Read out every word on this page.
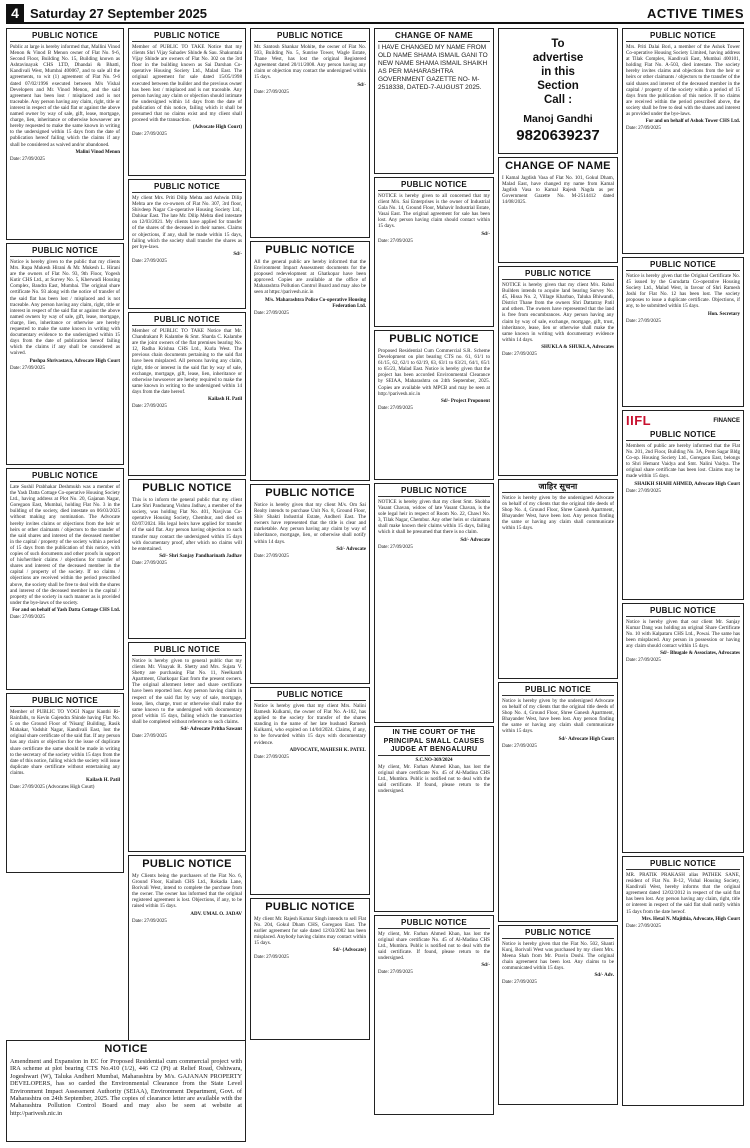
4 Saturday 27 September 2025	ACTIVE TIMES
PUBLIC NOTICE
Public at large is hereby informed that, Mallini Vinod Menon & Vinod B Menon owner of Flat No. 9-6, Second Floor, Building No. 15, Building known as Ashtavinayak CHS LTD, Dhandai & Bhatti, Kandivali West, Mumbai 400067, and to sale all the agreements, to wit (1) agreement of Flat No. 9-6 dated 07/02/1996 executed between M/s Vishal Developers and Mr. Vinod Menon, and the said agreement has been lost / misplaced and is not traceable. Any person having any claim, right, title or interest in respect of the said flat or against the above named owner by way of sale, gift, lease, mortgage, charge, lien, inheritance or otherwise howsoever are hereby requested to make the same known in writing to the undersigned within 15 days from the date of publication hereof failing which the claims if any shall be considered as waived and/or abandoned.
Malini Vinod Menon
Date: 27/09/2025
PUBLIC NOTICE
Notice is hereby given to the public that my clients Mrs. Rupa Mukesh Hirani & Mr. Mukesh L. Hirani are the owners of Flat No. 93, 9th Floor, Yogesh Kutir CHS Ltd., at Survey No. 5, Kherwadi Housing Complex, Bandra East, Mumbai. The original share certificate No. 93 along with the notice of transfer of the said flat has been lost / misplaced and is not traceable. Any person having any claim, right, title or interest in respect of the said flat or against the above named owners by way of sale, gift, lease, mortgage, charge, lien, inheritance or otherwise are hereby requested to make the same known in writing with documentary evidence to the undersigned within 15 days from the date of publication hereof failing which the claims if any shall be considered as waived.
Pushpa Shrivastava, Advocate High Court
Date: 27/09/2025
PUBLIC NOTICE
Late Sushil Prabhakar Deshmukh was a member of the Yash Datta Cottage Co-operative Housing Society Ltd., having address at Plot No. 20, Gajanan Nagar, Goregaon East, Mumbai, holding Flat No. 3 in the building of the society, died intestate on 06/03/2025 without making any nomination. The Advocate hereby invites claims or objections from the heir or heirs or other claimants / objectors to the transfer of the said shares and interest of the deceased member in the capital / property of the society within a period of 15 days from the publication of this notice, with copies of such documents and other proofs in support of his/her/their claims / objections for transfer of shares and interest of the deceased member in the capital / property of the society. If no claims / objections are received within the period prescribed above, the society shall be free to deal with the shares and interest of the deceased member in the capital / property of the society in such manner as is provided under the bye-laws of the society.
For and on behalf of Yash Datta Cottage CHS Ltd.
Date: 27/09/2025
PUBLIC NOTICE
Member of PUBLIC TO YOGI Nagar Kanthi Ri-Rainfalls, to Kevin Gajendra Shinde having Flat No. 5 on the Ground Floor of 'Nisarg' Building, Rasik Mahakar, Vadshit Nagar, Kandivali East, lost the original share certificate of the said flat. If any person has any claim or objection for the issue of duplicate share certificate the same should be made in writing to the secretary of the society within 15 days from the date of this notice, failing which the society will issue duplicate share certificate without entertaining any claims.
Kailash H. Patil
Date: 27/09/2025 (Advocates High Court)
PUBLIC NOTICE
Member of PUBLIC TO TAKE Notice that my clients Shri Vijay Sahadev Shinde & Sau. Shakuntala Vijay Shinde are owners of Flat No. 302 on the 3rd floor in the building known as Sai Darshan Co-operative Housing Society Ltd., Malad East. The original agreement for sale dated 15/05/1998 executed between the builder and the previous owner has been lost / misplaced and is not traceable. Any person having any claim or objection should intimate the undersigned within 14 days from the date of publication of this notice, failing which it shall be presumed that no claims exist and my client shall proceed with the transaction.
(Advocate High Court)
Date: 27/09/2025
PUBLIC NOTICE
My client Mrs. Priti Dilip Mehta and Ashwin Dilip Mehta are the co-owners of Flat No. 307, 3rd floor, Shivdeep Nagar Co-operative Housing Society Ltd., Dahisar East. The late Mr. Dilip Mehta died intestate on 12/03/2021. My clients have applied for transfer of the shares of the deceased in their names. Claims or objections, if any, shall be made within 15 days, failing which the society shall transfer the shares as per bye-laws.
Sd/-
Date: 27/09/2025
PUBLIC NOTICE
Member of PUBLIC TO TAKE Notice that Mr. Chandrakant P. Kalambe & Smt. Sharda C. Kalambe are the joint owners of the flat premises bearing No. 12, Radha Krishna CHS Ltd., Kurla West. The previous chain documents pertaining to the said flat have been misplaced. All persons having any claim, right, title or interest in the said flat by way of sale, exchange, mortgage, gift, lease, lien, inheritance or otherwise howsoever are hereby required to make the same known in writing to the undersigned within 14 days from the date hereof.
Kailash H. Patil
Date: 27/09/2025
PUBLIC NOTICE
This is to inform the general public that my client Late Shri Pandurang Vishnu Jadhav, a member of the society, was holding Flat No. 401, Navjivan Co-operative Housing Society, Chembur, and died on 02/07/2024. His legal heirs have applied for transfer of the said flat. Any person having objection to such transfer may contact the undersigned within 15 days with documentary proof, after which no claims will be entertained.
Sd/- Shri Sanjay Pandharinath Jadhav
Date: 27/09/2025
PUBLIC NOTICE
Notice is hereby given to general public that my clients Mr. Vinayak R. Shetty and Mrs. Sujata V. Shetty are purchasing Flat No. 11, Neelkanth Apartment, Ghatkopar East from the present owners. The original allotment letter and share certificate have been reported lost. Any person having claim in respect of the said flat by way of sale, mortgage, lease, lien, charge, trust or otherwise shall make the same known to the undersigned with documentary proof within 15 days, failing which the transaction shall be completed without reference to such claims.
Sd/- Advocate Pritha Sawant
Date: 27/09/2025
PUBLIC NOTICE
My Clients being the purchasers of the Flat No. 6, Ground Floor, Kailash CHS Ltd., Rokadia Lane, Borivali West, intend to complete the purchase from the owner. The owner has informed that the original registered agreement is lost. Objections, if any, to be raised within 15 days.
ADV. UMAL O. JADAV
Date: 27/09/2025
PUBLIC NOTICE
Mr. Santosh Shankar Mohite, the owner of Flat No. 503, Building No. 5, Sunrise Tower, Wagle Estate, Thane West, has lost the original Registered Agreement dated 20/11/2008. Any person having any claim or objection may contact the undersigned within 15 days.
Sd/-
Date: 27/09/2025
PUBLIC NOTICE
All the general public are hereby informed that the Environment Impact Assessment documents for the proposed redevelopment at Ghatkopar have been approved. Copies are available at the office of Maharashtra Pollution Control Board and may also be seen at https://parivesh.nic.in
M/s. Maharashtra Police Co-operative Housing Federation Ltd.
Date: 27/09/2025
PUBLIC NOTICE
Notice is hereby given that my client M/s. Om Sai Realty intends to purchase Unit No. 8, Ground Floor, Shiv Shakti Industrial Estate, Andheri East. The owners have represented that the title is clear and marketable. Any person having any claim by way of inheritance, mortgage, lien, or otherwise shall notify within 14 days.
Sd/- Advocate
Date: 27/09/2025
PUBLIC NOTICE
Notice is hereby given that my client Mrs. Nalini Ramesh Kulkarni, the owner of Flat No. A-102, has applied to the society for transfer of the shares standing in the name of her late husband Ramesh Kulkarni, who expired on 14/04/2024. Claims, if any, to be forwarded within 15 days with documentary evidence.
ADVOCATE, MAHESH K. PATEL
Date: 27/09/2025
PUBLIC NOTICE
My client Mr. Rajesh Kumar Singh intends to sell Flat No. 204, Gokul Dham CHS, Goregaon East. The earlier agreement for sale dated 12/03/2002 has been misplaced. Anybody having claims may contact within 15 days.
Sd/- (Advocate)
Date: 27/09/2025
CHANGE OF NAME
I HAVE CHANGED MY NAME FROM OLD NAME SHAMA ISMAIL GANI TO NEW NAME SHAMA ISMAIL SHAIKH AS PER MAHARASHTRA GOVERNMENT GAZETTE NO- M-2518338, DATED-7-AUGUST 2025.
PUBLIC NOTICE
NOTICE is hereby given to all concerned that my client M/s. Sai Enterprises is the owner of Industrial Gala No. 14, Ground Floor, Mahavir Industrial Estate, Vasai East. The original agreement for sale has been lost. Any person having claim should contact within 15 days.
Sd/-
Date: 27/09/2025
PUBLIC NOTICE
Proposed Residential Cum Commercial S.R. Scheme Development on plot bearing CTS no. 61, 61/1 to 61/15, 62, 62/1 to 62/19, 63, 63/1 to 63/21, 64/1, 65/1 to 65/23, Malad East. Notice is hereby given that the project has been accorded Environmental Clearance by SEIAA, Maharashtra on 24th September, 2025. Copies are available with MPCB and may be seen at http://parivesh.nic.in
Sd/- Project Proponent
Date: 27/09/2025
PUBLIC NOTICE
NOTICE is hereby given that my client Smt. Shobha Vasant Chavan, widow of late Vasant Chavan, is the sole legal heir in respect of Room No. 22, Chawl No. 3, Tilak Nagar, Chembur. Any other heirs or claimants shall make known their claims within 15 days, failing which it shall be presumed that there is no claim.
Sd/- Advocate
Date: 27/09/2025
IN THE COURT OF THE PRINCIPAL SMALL CAUSES JUDGE AT BENGALURU
S.C.NO-369/2024
My client, Mr. Farhan Ahmed Khan, has lost the original share certificate No. 45 of Al-Madina CHS Ltd., Mumbra. Public is notified not to deal with the said certificate. If found, please return to the undersigned.
PUBLIC NOTICE
My client, Mr. Farhan Ahmed Khan, has lost the original share certificate No. 45 of Al-Madina CHS Ltd., Mumbra. Public is notified not to deal with the said certificate. If found, please return to the undersigned.
Sd/-
Date: 27/09/2025
To
advertise
in this
Section
Call :
Manoj Gandhi
9820639237
CHANGE OF NAME
I Kamal Jagdish Vasa of Flat No. 101, Gokul Dham, Malad East, have changed my name from Kamal Jagdish Vasa to Kamal Rajesh Nagda as per Government Gazette No. M-2514412 dated 14/08/2025.
PUBLIC NOTICE
NOTICE is hereby given that my client M/s. Rahul Builders intends to acquire land bearing Survey No. 45, Hissa No. 2, Village Kharbao, Taluka Bhiwandi, District Thane from the owners Shri Dattatray Patil and others. The owners have represented that the land is free from encumbrances. Any person having any claim by way of sale, exchange, mortgage, gift, trust, inheritance, lease, lien or otherwise shall make the same known in writing with documentary evidence within 14 days.
SHUKLA & SHUKLA, Advocates
Date: 27/09/2025
जाहिर सूचना
Notice is hereby given by the undersigned Advocate on behalf of my clients that the original title deeds of Shop No. 4, Ground Floor, Shree Ganesh Apartment, Bhayander West, have been lost. Any person finding the same or having any claim shall communicate within 15 days.
PUBLIC NOTICE
Notice is hereby given by the undersigned Advocate on behalf of my clients that the original title deeds of Shop No. 4, Ground Floor, Shree Ganesh Apartment, Bhayander West, have been lost. Any person finding the same or having any claim shall communicate within 15 days.
Sd/- Advocate High Court
Date: 27/09/2025
PUBLIC NOTICE
Notice is hereby given that the Flat No. 502, Shanti Kunj, Borivali West was purchased by my client Mrs. Meena Shah from Mr. Pravin Doshi. The original chain agreement has been lost. Any claims to be communicated within 15 days.
Sd/- Adv.
Date: 27/09/2025
PUBLIC NOTICE
Mrs. Priti Dalai Bori, a member of the Ashok Tower Co-operative Housing Society Limited, having address at Tilak Complex, Kandivali East, Mumbai 400101, holding Flat No. A-503, died intestate. The society hereby invites claims and objections from the heir or heirs or other claimants / objectors to the transfer of the said shares and interest of the deceased member in the capital / property of the society within a period of 15 days from the publication of this notice. If no claims are received within the period prescribed above, the society shall be free to deal with the shares and interest as provided under the bye-laws.
For and on behalf of Ashok Tower CHS Ltd.
Date: 27/09/2025
PUBLIC NOTICE
Notice is hereby given that the Original Certificate No. 45 issued by the Gurudatta Co-operative Housing Society Ltd., Malad West, in favour of Shri Ramesh Joshi for Flat No. 12 has been lost. The society proposes to issue a duplicate certificate. Objections, if any, to be submitted within 15 days.
Hon. Secretary
Date: 27/09/2025
IIFL	FINANCE
PUBLIC NOTICE
Members of public are hereby informed that the Flat No. 201, 2nd Floor, Building No. 3A, Prem Sagar Bldg Co-op. Housing Society Ltd., Goregaon East, belongs to Shri Hemant Vaidya and Smt. Nalini Vaidya. The original share certificate has been lost. Claims may be made within 15 days.
SHAIKH SHAHI AHMED, Advocate High Court
Date: 27/09/2025
PUBLIC NOTICE
Notice is hereby given that our client Mr. Sanjay Kumar Dang was holding an original Share Certificate No. 10 with Kalpataru CHS Ltd., Powai. The same has been misplaced. Any person in possession or having any claim should contact within 15 days.
Sd/- Bhugale & Associates, Advocates
Date: 27/09/2025
PUBLIC NOTICE
MR. PRATIK PRAKASH alias PATHEK SANE, resident of Flat No. B-12, Vishal Housing Society, Kandivali West, hereby informs that the original agreement dated 12/02/2012 in respect of the said flat has been lost. Any person having any claim, right, title or interest in respect of the said flat shall notify within 15 days from the date hereof.
Mrs. Hetal N. Majithia, Advocate, High Court
Date: 27/09/2025
NOTICE
Amendment and Expansion in EC for Proposed Residential cum commercial project with IRA scheme at plot bearing CTS No.410 (1/2), 446 C2 (Pt) at Relief Road, Oshiwara, Jogeshwari (W), Taluka Andheri Mumbai, Maharashtra by M/s. GAJANAN PROPERTY DEVELOPERS, has so carded the Environmental Clearance from the State Level Environment Impact Assessment Authority (SEIAA), Environment Department, Govt. of Maharashtra on 24th September, 2025. The copies of clearance letter are available with the Maharashtra Pollution Control Board and may also be seen at website at http://parivesh.nic.in
